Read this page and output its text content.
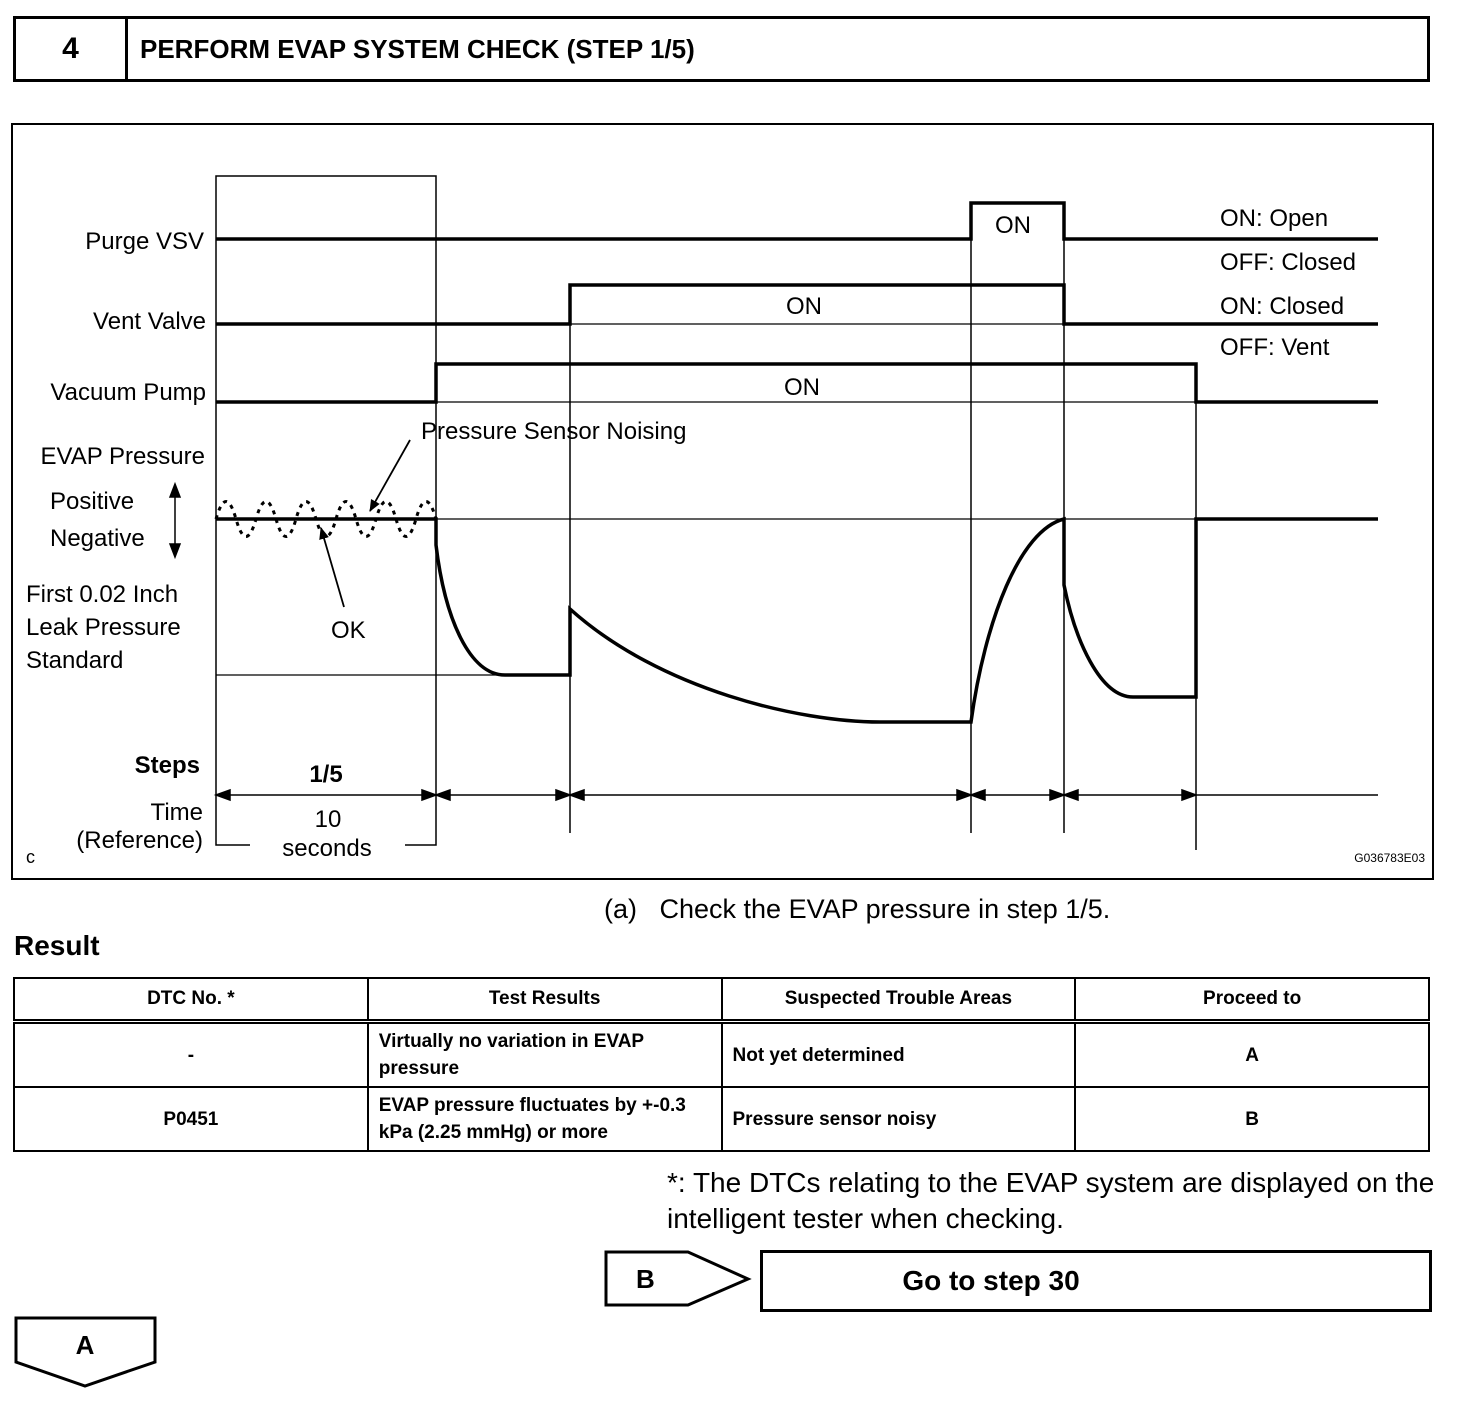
4	PERFORM EVAP SYSTEM CHECK (STEP 1/5)
Purge VSV
Vent Valve
Vacuum Pump
EVAP Pressure
Positive
Negative
First 0.02 Inch
Leak Pressure
Standard
ON
ON
ON
ON: Open
OFF: Closed
ON: Closed
OFF: Vent
Pressure Sensor Noising
OK
Steps	1/5
Time
(Reference)
10
seconds
c	G036783E03
(a)   Check the EVAP pressure in step 1/5.
Result
DTC No. *	Test Results	Suspected Trouble Areas	Proceed to
-	Virtually no variation in EVAP pressure	Not yet determined	A
P0451	EVAP pressure fluctuates by +-0.3 kPa (2.25 mmHg) or more	Pressure sensor noisy	B
*: The DTCs relating to the EVAP system are displayed on the intelligent tester when checking.
B	Go to step 30
A
